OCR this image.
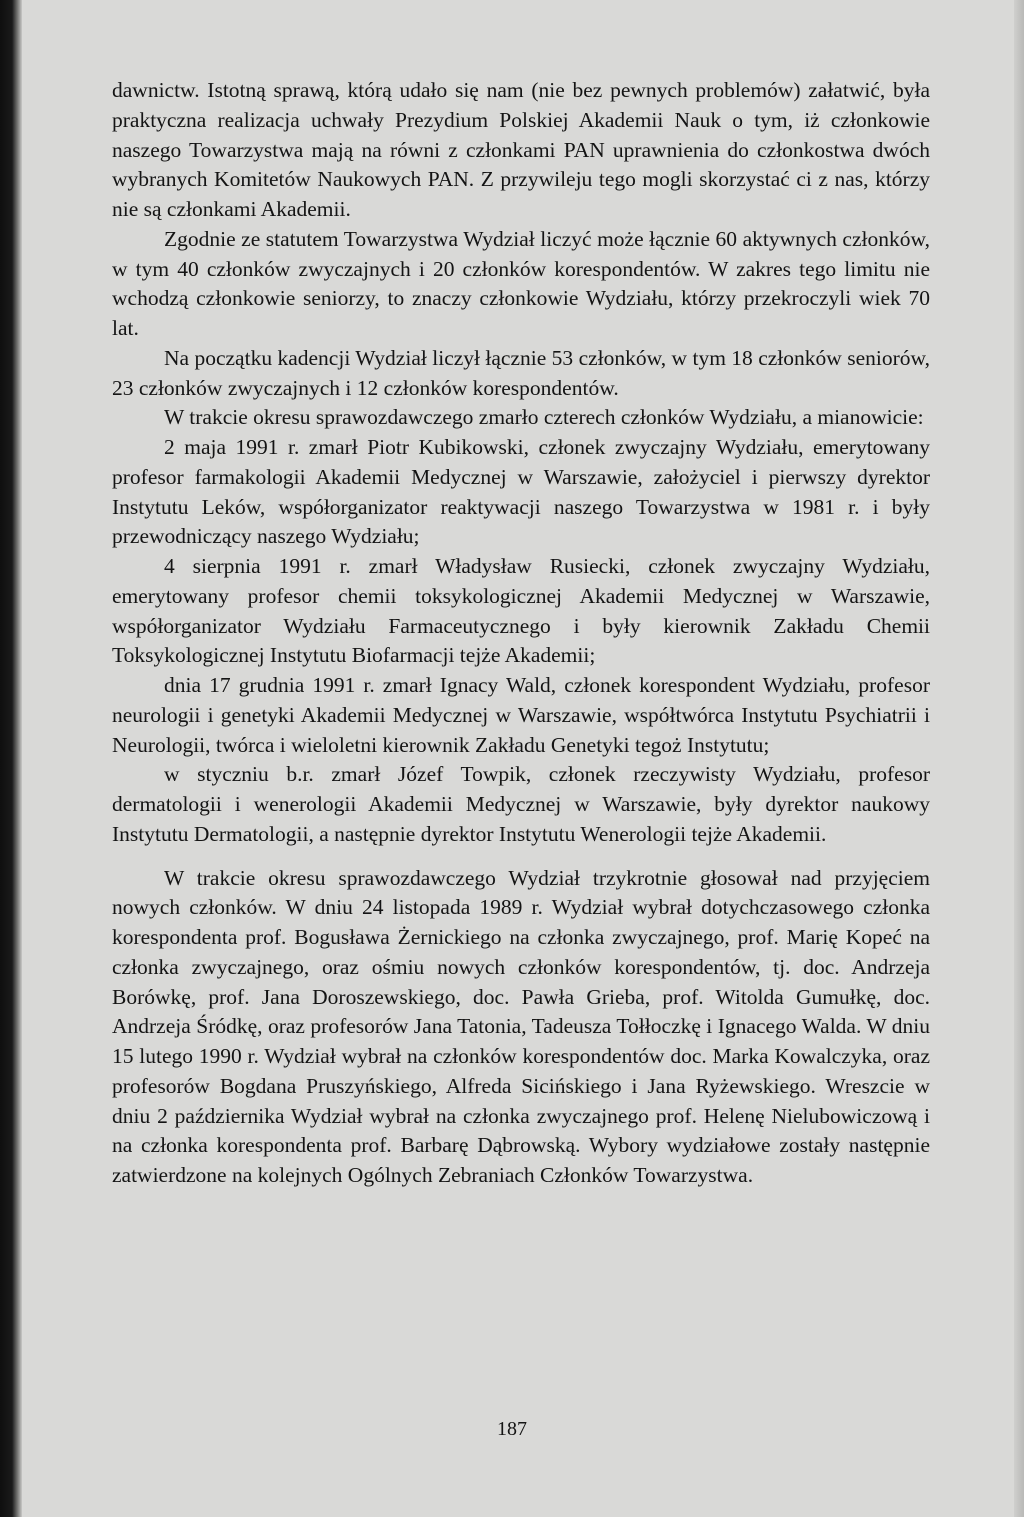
dawnictw. Istotną sprawą, którą udało się nam (nie bez pewnych problemów) załatwić, była praktyczna realizacja uchwały Prezydium Polskiej Akademii Nauk o tym, iż członkowie naszego Towarzystwa mają na równi z członkami PAN uprawnienia do członkostwa dwóch wybranych Komitetów Naukowych PAN. Z przywileju tego mogli skorzystać ci z nas, którzy nie są członkami Akademii.

Zgodnie ze statutem Towarzystwa Wydział liczyć może łącznie 60 aktywnych członków, w tym 40 członków zwyczajnych i 20 członków korespondentów. W zakres tego limitu nie wchodzą członkowie seniorzy, to znaczy członkowie Wydziału, którzy przekroczyli wiek 70 lat.

Na początku kadencji Wydział liczył łącznie 53 członków, w tym 18 członków seniorów, 23 członków zwyczajnych i 12 członków korespondentów.

W trakcie okresu sprawozdawczego zmarło czterech członków Wydziału, a mianowicie:

2 maja 1991 r. zmarł Piotr Kubikowski, członek zwyczajny Wydziału, emerytowany profesor farmakologii Akademii Medycznej w Warszawie, założyciel i pierwszy dyrektor Instytutu Leków, współorganizator reaktywacji naszego Towarzystwa w 1981 r. i były przewodniczący naszego Wydziału;

4 sierpnia 1991 r. zmarł Władysław Rusiecki, członek zwyczajny Wydziału, emerytowany profesor chemii toksykologicznej Akademii Medycznej w Warszawie, współorganizator Wydziału Farmaceutycznego i były kierownik Zakładu Chemii Toksykologicznej Instytutu Biofarmacji tejże Akademii;

dnia 17 grudnia 1991 r. zmarł Ignacy Wald, członek korespondent Wydziału, profesor neurologii i genetyki Akademii Medycznej w Warszawie, współtwórca Instytutu Psychiatrii i Neurologii, twórca i wieloletni kierownik Zakładu Genetyki tegoż Instytutu;

w styczniu b.r. zmarł Józef Towpik, członek rzeczywisty Wydziału, profesor dermatologii i wenerologii Akademii Medycznej w Warszawie, były dyrektor naukowy Instytutu Dermatologii, a następnie dyrektor Instytutu Wenerologii tejże Akademii.

W trakcie okresu sprawozdawczego Wydział trzykrotnie głosował nad przyjęciem nowych członków. W dniu 24 listopada 1989 r. Wydział wybrał dotychczasowego członka korespondenta prof. Bogusława Żernickiego na członka zwyczajnego, prof. Marię Kopeć na członka zwyczajnego, oraz ośmiu nowych członków korespondentów, tj. doc. Andrzeja Borówkę, prof. Jana Doroszewskiego, doc. Pawła Grieba, prof. Witolda Gumułkę, doc. Andrzeja Śródkę, oraz profesorów Jana Tatonia, Tadeusza Tołłoczkę i Ignacego Walda. W dniu 15 lutego 1990 r. Wydział wybrał na członków korespondentów doc. Marka Kowalczyka, oraz profesorów Bogdana Pruszyńskiego, Alfreda Sicińskiego i Jana Ryżewskiego. Wreszcie w dniu 2 października Wydział wybrał na członka zwyczajnego prof. Helenę Nielubowiczową i na członka korespondenta prof. Barbarę Dąbrowską. Wybory wydziałowe zostały następnie zatwierdzone na kolejnych Ogólnych Zebraniach Członków Towarzystwa.

187
